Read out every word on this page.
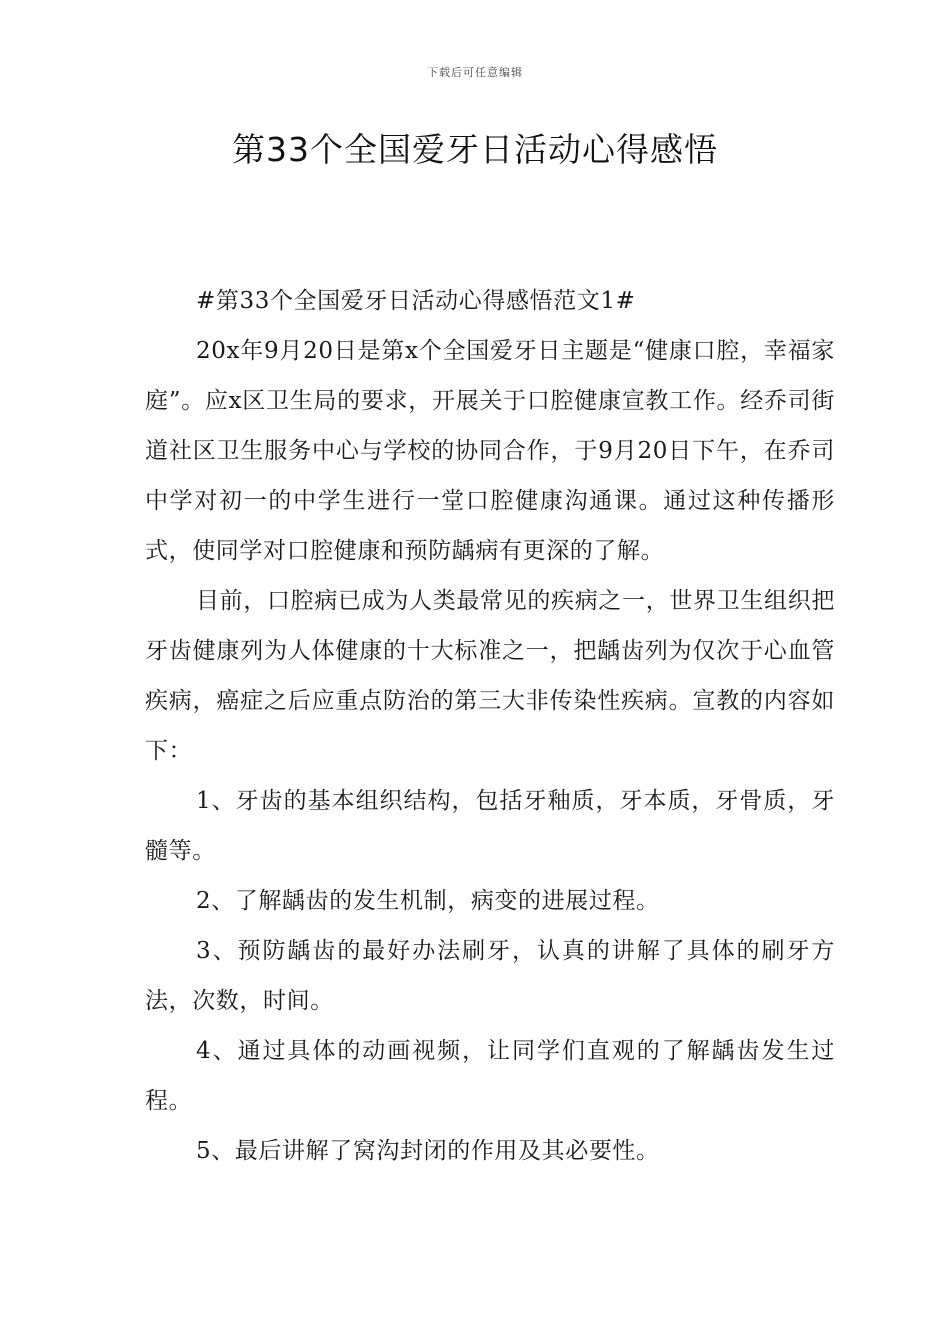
下载后可任意编辑
第33个全国爱牙日活动心得感悟

#第33个全国爱牙日活动心得感悟范文1#

20x年9月20日是第x个全国爱牙日主题是“健康口腔，幸福家庭”。应x区卫生局的要求，开展关于口腔健康宣教工作。经乔司街道社区卫生服务中心与学校的协同合作，于9月20日下午，在乔司中学对初一的中学生进行一堂口腔健康沟通课。通过这种传播形式，使同学对口腔健康和预防龋病有更深的了解。

目前，口腔病已成为人类最常见的疾病之一，世界卫生组织把牙齿健康列为人体健康的十大标准之一，把龋齿列为仅次于心血管疾病，癌症之后应重点防治的第三大非传染性疾病。宣教的内容如下：

1、牙齿的基本组织结构，包括牙釉质，牙本质，牙骨质，牙髓等。

2、了解龋齿的发生机制，病变的进展过程。

3、预防龋齿的最好办法刷牙，认真的讲解了具体的刷牙方法，次数，时间。

4、通过具体的动画视频，让同学们直观的了解龋齿发生过程。

5、最后讲解了窝沟封闭的作用及其必要性。
